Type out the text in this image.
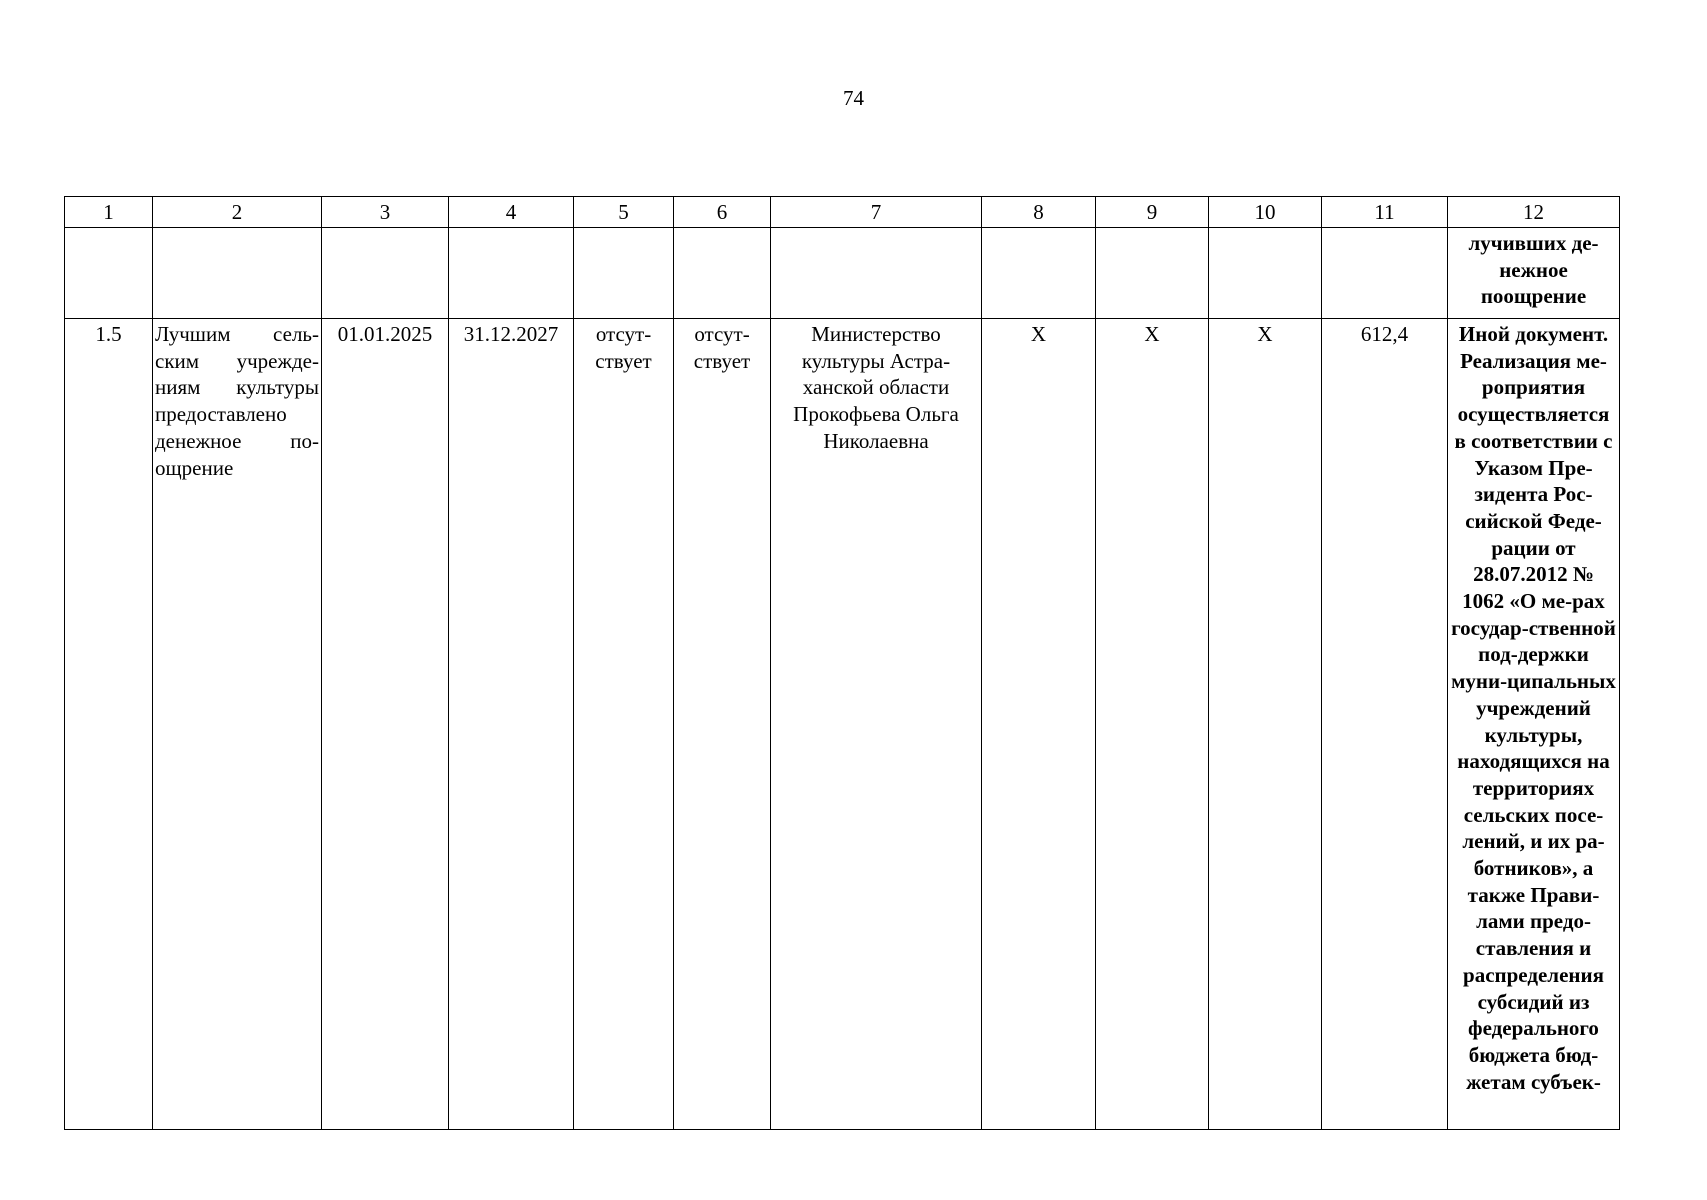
74
1	2	3	4	5	6	7	8	9	10	11	12

											лучивших де-нежное поощрение

1.5	Лучшим сель-ским учрежде-ниям культуры предоставлено денежное по-ощрение	01.01.2025	31.12.2027	отсут-ствует	отсут-ствует	Министерство культуры Астра-ханской области Прокофьева Ольга Николаевна	Х	Х	Х	612,4	Иной документ. Реализация ме-роприятия осуществляется в соответствии с Указом Пре-зидента Рос-сийской Феде-рации от 28.07.2012 № 1062 «О ме-рах государ-ственной под-держки муни-ципальных учреждений культуры, находящихся на территориях сельских посе-лений, и их ра-ботников», а также Прави-лами предо-ставления и распределения субсидий из федерального бюджета бюд-жетам субъек-
